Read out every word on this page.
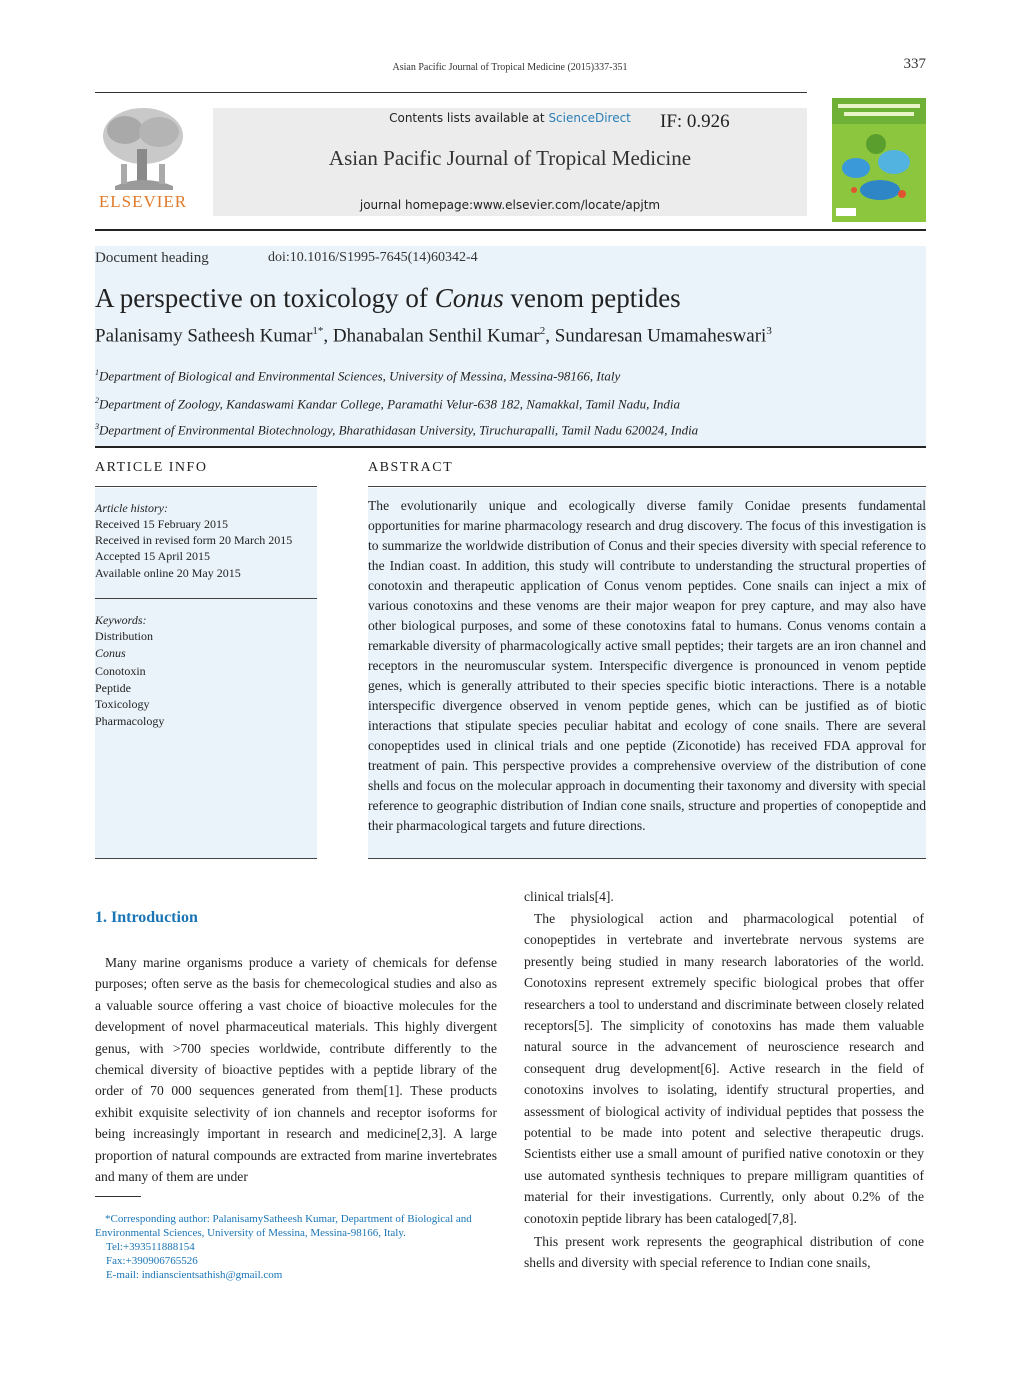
Asian Pacific Journal of Tropical Medicine (2015)337-351	337
ELSEVIER
Contents lists available at ScienceDirect	IF: 0.926
Asian Pacific Journal of Tropical Medicine
journal homepage:www.elsevier.com/locate/apjtm
Document heading	doi:10.1016/S1995-7645(14)60342-4
A perspective on toxicology of Conus venom peptides
Palanisamy Satheesh Kumar$^{1*}$, Dhanabalan Senthil Kumar$^2$, Sundaresan Umamaheswari$^3$
$^1$Department of Biological and Environmental Sciences, University of Messina, Messina-98166, Italy
$^2$Department of Zoology, Kandaswami Kandar College, Paramathi Velur-638 182, Namakkal, Tamil Nadu, India
$^3$Department of Environmental Biotechnology, Bharathidasan University, Tiruchurapalli, Tamil Nadu 620024, India
ARTICLE INFO	ABSTRACT
Article history:
Received 15 February 2015
Received in revised form 20 March 2015
Accepted 15 April 2015
Available online 20 May 2015
Keywords:
Distribution
Conus
Conotoxin
Peptide
Toxicology
Pharmacology
The evolutionarily unique and ecologically diverse family Conidae presents fundamental opportunities for marine pharmacology research and drug discovery. The focus of this investigation is to summarize the worldwide distribution of Conus and their species diversity with special reference to the Indian coast. In addition, this study will contribute to understanding the structural properties of conotoxin and therapeutic application of Conus venom peptides. Cone snails can inject a mix of various conotoxins and these venoms are their major weapon for prey capture, and may also have other biological purposes, and some of these conotoxins fatal to humans. Conus venoms contain a remarkable diversity of pharmacologically active small peptides; their targets are an iron channel and receptors in the neuromuscular system. Interspecific divergence is pronounced in venom peptide genes, which is generally attributed to their species specific biotic interactions. There is a notable interspecific divergence observed in venom peptide genes, which can be justified as of biotic interactions that stipulate species peculiar habitat and ecology of cone snails. There are several conopeptides used in clinical trials and one peptide (Ziconotide) has received FDA approval for treatment of pain. This perspective provides a comprehensive overview of the distribution of cone shells and focus on the molecular approach in documenting their taxonomy and diversity with special reference to geographic distribution of Indian cone snails, structure and properties of conopeptide and their pharmacological targets and future directions.
1. Introduction
Many marine organisms produce a variety of chemicals for defense purposes; often serve as the basis for chemecological studies and also as a valuable source offering a vast choice of bioactive molecules for the development of novel pharmaceutical materials. This highly divergent genus, with >700 species worldwide, contribute differently to the chemical diversity of bioactive peptides with a peptide library of the order of 70 000 sequences generated from them[1]. These products exhibit exquisite selectivity of ion channels and receptor isoforms for being increasingly important in research and medicine[2,3]. A large proportion of natural compounds are extracted from marine invertebrates and many of them are under
clinical trials[4].
The physiological action and pharmacological potential of conopeptides in vertebrate and invertebrate nervous systems are presently being studied in many research laboratories of the world. Conotoxins represent extremely specific biological probes that offer researchers a tool to understand and discriminate between closely related receptors[5]. The simplicity of conotoxins has made them valuable natural source in the advancement of neuroscience research and consequent drug development[6]. Active research in the field of conotoxins involves to isolating, identify structural properties, and assessment of biological activity of individual peptides that possess the potential to be made into potent and selective therapeutic drugs. Scientists either use a small amount of purified native conotoxin or they use automated synthesis techniques to prepare milligram quantities of material for their investigations. Currently, only about 0.2% of the conotoxin peptide library has been cataloged[7,8].
This present work represents the geographical distribution of cone shells and diversity with special reference to Indian cone snails,
*Corresponding author: PalanisamySatheesh Kumar, Department of Biological and Environmental Sciences, University of Messina, Messina-98166, Italy.
Tel:+393511888154
Fax:+390906765526
E-mail: indianscientsathish@gmail.com
